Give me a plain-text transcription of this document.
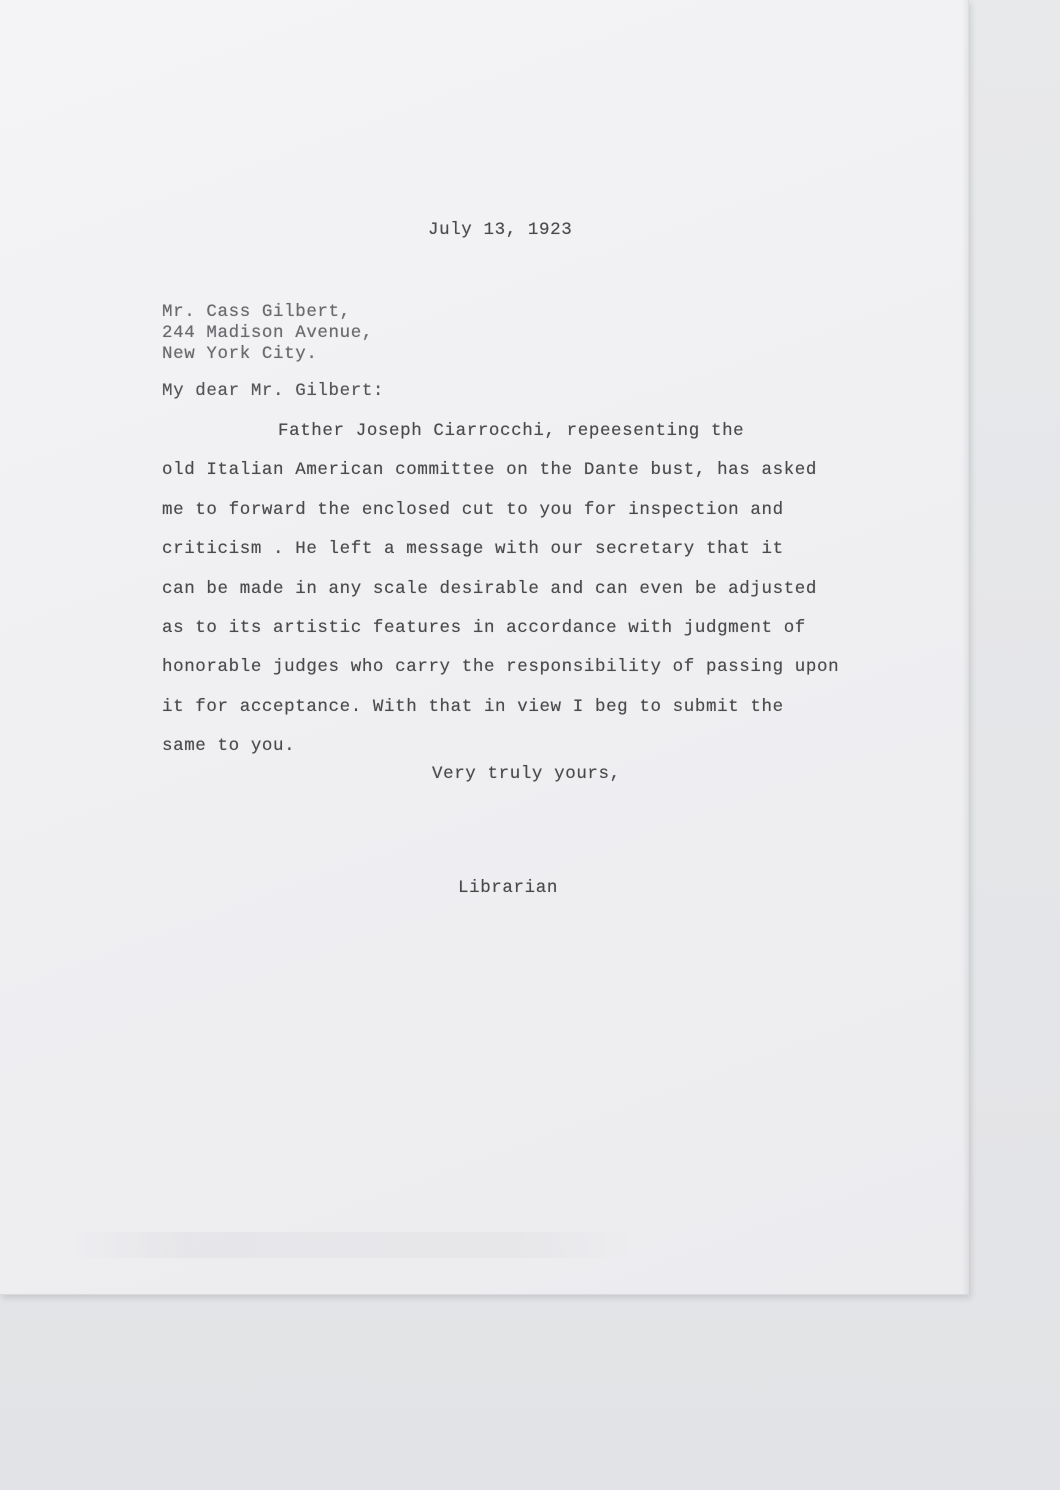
July 13, 1923
Mr. Cass Gilbert,
244 Madison Avenue,
New York City.
My dear Mr. Gilbert:
Father Joseph Ciarrocchi, repeesenting the
old Italian American committee on the Dante bust, has asked
me to forward the enclosed cut to you for inspection and
criticism . He left a message with our secretary that it
can be made in any scale desirable and can even be adjusted
as to its artistic features in accordance with judgment of
honorable judges who carry the responsibility of passing upon
it for acceptance. With that in view I beg to submit the
same to you.
Very truly yours,
Librarian
